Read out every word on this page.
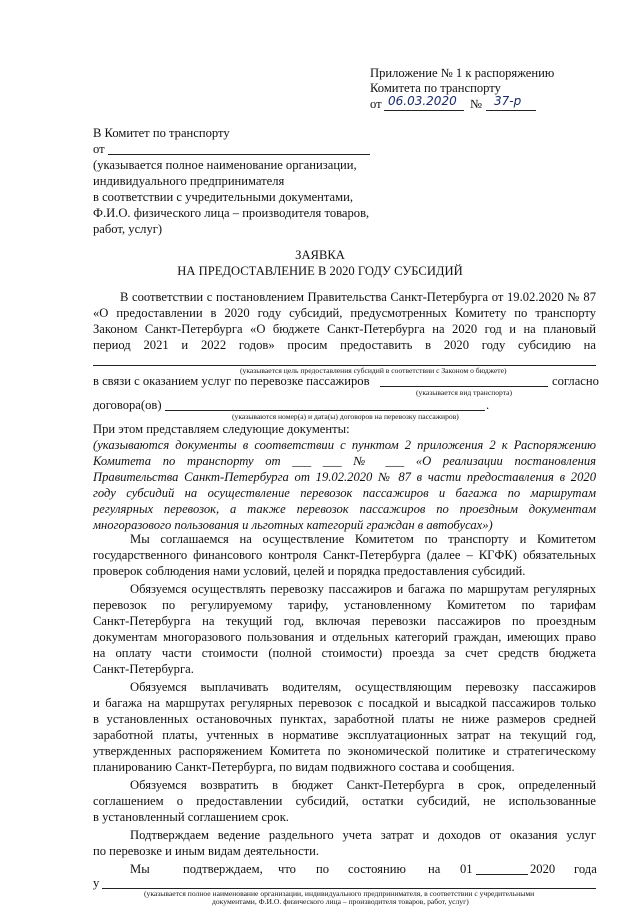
Приложение № 1 к распоряжению
Комитета по транспорту
от 06.03.2020 № 37-р
В Комитет по транспорту
от
(указывается полное наименование организации,
индивидуального предпринимателя
в соответствии с учредительными документами,
Ф.И.О. физического лица – производителя товаров,
работ, услуг)
ЗАЯВКА
НА ПРЕДОСТАВЛЕНИЕ В 2020 ГОДУ СУБСИДИЙ
В соответствии с постановлением Правительства Санкт-Петербурга от 19.02.2020 № 87
«О предоставлении в 2020 году субсидий, предусмотренных Комитету по транспорту
Законом Санкт-Петербурга «О бюджете Санкт-Петербурга на 2020 год и на плановый
период 2021 и 2022 годов» просим предоставить в 2020 году субсидию на
(указывается цель предоставления субсидий в соответствии с Законом о бюджете)
в связи с оказанием услуг по перевозке пассажиров	согласно
(указывается вид транспорта)
договора(ов)	.
(указываются номер(а) и дата(ы) договоров на перевозку пассажиров)
При этом представляем следующие документы:
(указываются документы в соответствии с пунктом 2 приложения 2 к Распоряжению
Комитета по транспорту от ___ ___ № ___ «О реализации постановления
Правительства Санкт-Петербурга от 19.02.2020 № 87 в части предоставления в 2020
году субсидий на осуществление перевозок пассажиров и багажа по маршрутам
регулярных перевозок, а также перевозок пассажиров по проездным документам
многоразового пользования и льготных категорий граждан в автобусах»)
Мы соглашаемся на осуществление Комитетом по транспорту и Комитетом
государственного финансового контроля Санкт-Петербурга (далее – КГФК) обязательных
проверок соблюдения нами условий, целей и порядка предоставления субсидий.
Обязуемся осуществлять перевозку пассажиров и багажа по маршрутам регулярных
перевозок по регулируемому тарифу, установленному Комитетом по тарифам
Санкт-Петербурга на текущий год, включая перевозки пассажиров по проездным
документам многоразового пользования и отдельных категорий граждан, имеющих право
на оплату части стоимости (полной стоимости) проезда за счет средств бюджета
Санкт-Петербурга.
Обязуемся выплачивать водителям, осуществляющим перевозку пассажиров
и багажа на маршрутах регулярных перевозок с посадкой и высадкой пассажиров только
в установленных остановочных пунктах, заработной платы не ниже размеров средней
заработной платы, учтенных в нормативе эксплуатационных затрат на текущий год,
утвержденных распоряжением Комитета по экономической политике и стратегическому
планированию Санкт-Петербурга, по видам подвижного состава и сообщения.
Обязуемся возвратить в бюджет Санкт-Петербурга в срок, определенный
соглашением о предоставлении субсидий, остатки субсидий, не использованные
в установленный соглашением срок.
Подтверждаем ведение раздельного учета затрат и доходов от оказания услуг
по перевозке и иным видам деятельности.
Мы	подтверждаем, что по состоянию на 01	2020 года
у
(указывается полное наименование организации, индивидуального предпринимателя, в соответствии с учредительными
документами, Ф.И.О. физического лица – производителя товаров, работ, услуг)
